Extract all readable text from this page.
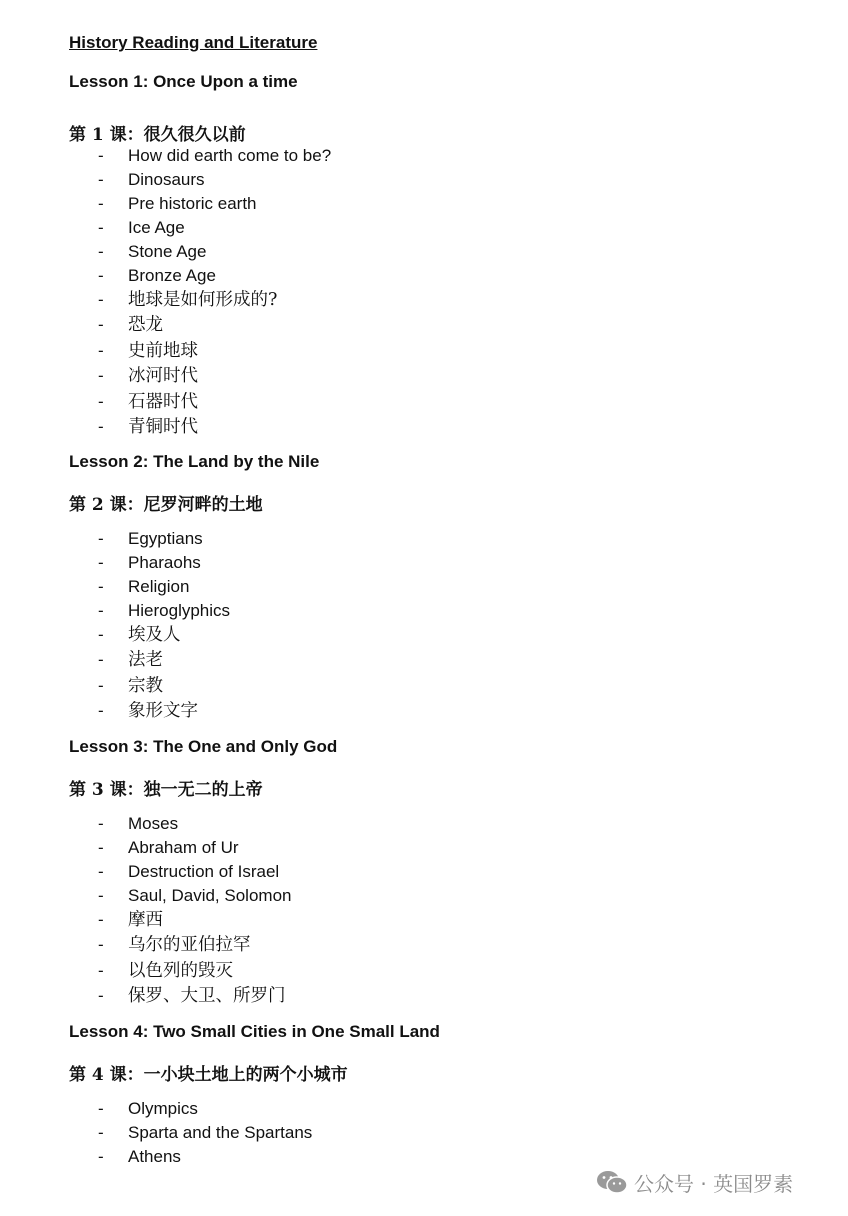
History Reading and Literature
Lesson 1: Once Upon a time
第 1 课：很久很久以前
- How did earth come to be?
- Dinosaurs
- Pre historic earth
- Ice Age
- Stone Age
- Bronze Age
- 地球是如何形成的?
- 恐龙
- 史前地球
- 冰河时代
- 石器时代
- 青铜时代
Lesson 2: The Land by the Nile
第 2 课：尼罗河畔的土地
- Egyptians
- Pharaohs
- Religion
- Hieroglyphics
- 埃及人
- 法老
- 宗教
- 象形文字
Lesson 3: The One and Only God
第 3 课：独一无二的上帝
- Moses
- Abraham of Ur
- Destruction of Israel
- Saul, David, Solomon
- 摩西
- 乌尔的亚伯拉罕
- 以色列的毁灭
- 保罗、大卫、所罗门
Lesson 4: Two Small Cities in One Small Land
第 4 课：一小块土地上的两个小城市
- Olympics
- Sparta and the Spartans
- Athens
公众号 · 英国罗素
